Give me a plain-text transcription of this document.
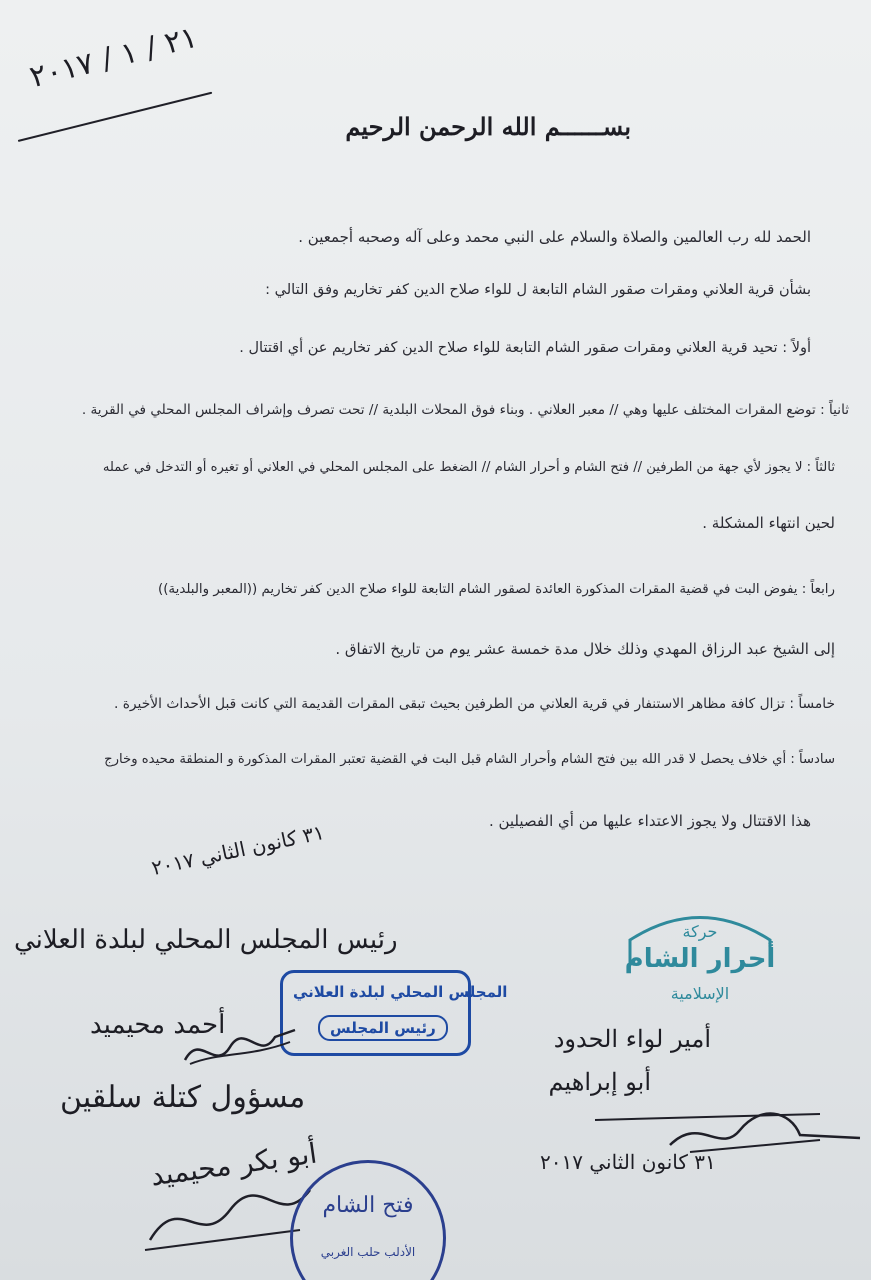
٢١ / ١ / ٢٠١٧
بســــــم الله الرحمن الرحيم
الحمد لله رب العالمين والصلاة والسلام على النبي محمد وعلى آله وصحبه أجمعين .
بشأن قرية العلاني ومقرات صقور الشام التابعة ل للواء صلاح الدين كفر تخاريم وفق التالي :
أولاً : تحيد قرية العلاني ومقرات صقور الشام التابعة للواء صلاح الدين كفر تخاريم عن أي اقتتال .
ثانياً : توضع المقرات المختلف عليها وهي // معبر العلاني . وبناء فوق المحلات البلدية // تحت تصرف وإشراف المجلس المحلي في القرية .
ثالثاً : لا يجوز لأي جهة من الطرفين // فتح الشام و أحرار الشام // الضغط على المجلس المحلي في العلاني أو تغيره أو التدخل في عمله
لحين انتهاء المشكلة .
رابعاً : يفوض البت في قضية المقرات المذكورة العائدة لصقور الشام التابعة للواء صلاح الدين كفر تخاريم ((المعبر والبلدية))
إلى الشيخ عبد الرزاق المهدي وذلك خلال مدة خمسة عشر يوم من تاريخ الاتفاق .
خامساً : تزال كافة مظاهر الاستنفار في قرية العلاني من الطرفين بحيث تبقى المقرات القديمة التي كانت قبل الأحداث الأخيرة .
سادساً : أي خلاف يحصل لا قدر الله بين فتح الشام وأحرار الشام قبل البت في القضية تعتبر المقرات المذكورة و المنطقة محيده وخارج
هذا الاقتتال ولا يجوز الاعتداء عليها من أي الفصيلين .
٣١ كانون الثاني ٢٠١٧
رئيس المجلس المحلي لبلدة العلاني
المجلس المحلي لبلدة العلاني
رئيس المجلس
أحمد محيميد
مسؤول كتلة سلقين
أبو بكر محيميد
فتح الشام
الأدلب حلب الغربي
حركة
أحرار الشام
الإسلامية
أمير لواء الحدود
أبو إبراهيم
٣١ كانون الثاني ٢٠١٧
